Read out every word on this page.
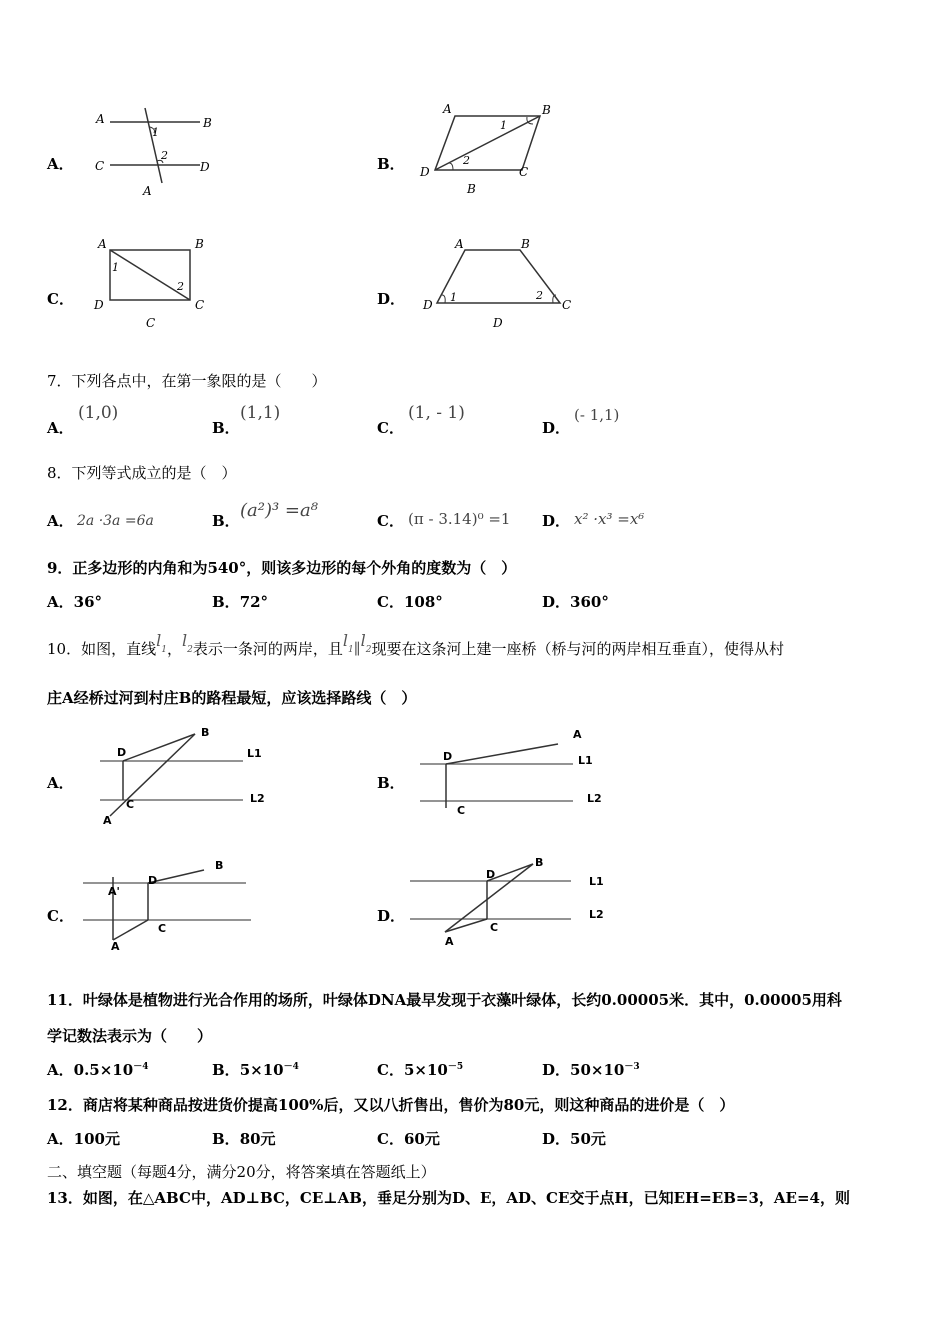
A．
A	B
C	D
1
2
A
B．
A	B
D	C
1
2
B
C．
A	B
D	C
1
2
C
D．
A	B
D	C
1	2
D
7．下列各点中，在第一象限的是（　　）
A．
(1,0)
B．
(1,1)
C．
(1, - 1)
D．
(- 1,1)
8．下列等式成立的是（　）
A． 2a ·3a =6a	B． (a²)³ =a⁸	C． (π - 3.14)⁰ =1 D． x² ·x³ =x⁶
9．正多边形的内角和为540°，则该多边形的每个外角的度数为（　）
A．36°	B．72°	C．108°	D．360°
10．如图，直线$l_1$，$l_2$表示一条河的两岸，且$l_1\parallel l_2$现要在这条河上建一座桥（桥与河的两岸相互垂直），使得从村
庄A经桥过河到村庄B的路程最短，应该选择路线（　）
A．
B
D	L1
C	L2
A
B．
A
D	L1
C
L2
C．
B
A'
D
C
A
D．
B
D
L1
L2
C
A
11．叶绿体是植物进行光合作用的场所，叶绿体DNA最早发现于衣藻叶绿体，长约0.00005米．其中，0.00005用科
学记数法表示为（　　）
A．$0.5\times 10^{-4}$	B．$5\times 10^{-4}$	C．$5\times 10^{-5}$	D．$50\times 10^{-3}$
12．商店将某种商品按进货价提高100%后，又以八折售出，售价为80元，则这种商品的进价是（　）
A．100元	B．80元	C．60元	D．50元
二、填空题（每题4分，满分20分，将答案填在答题纸上）
13．如图，在△ABC中，AD⊥BC，CE⊥AB，垂足分别为D、E，AD、CE交于点H，已知EH=EB=3，AE=4，则
